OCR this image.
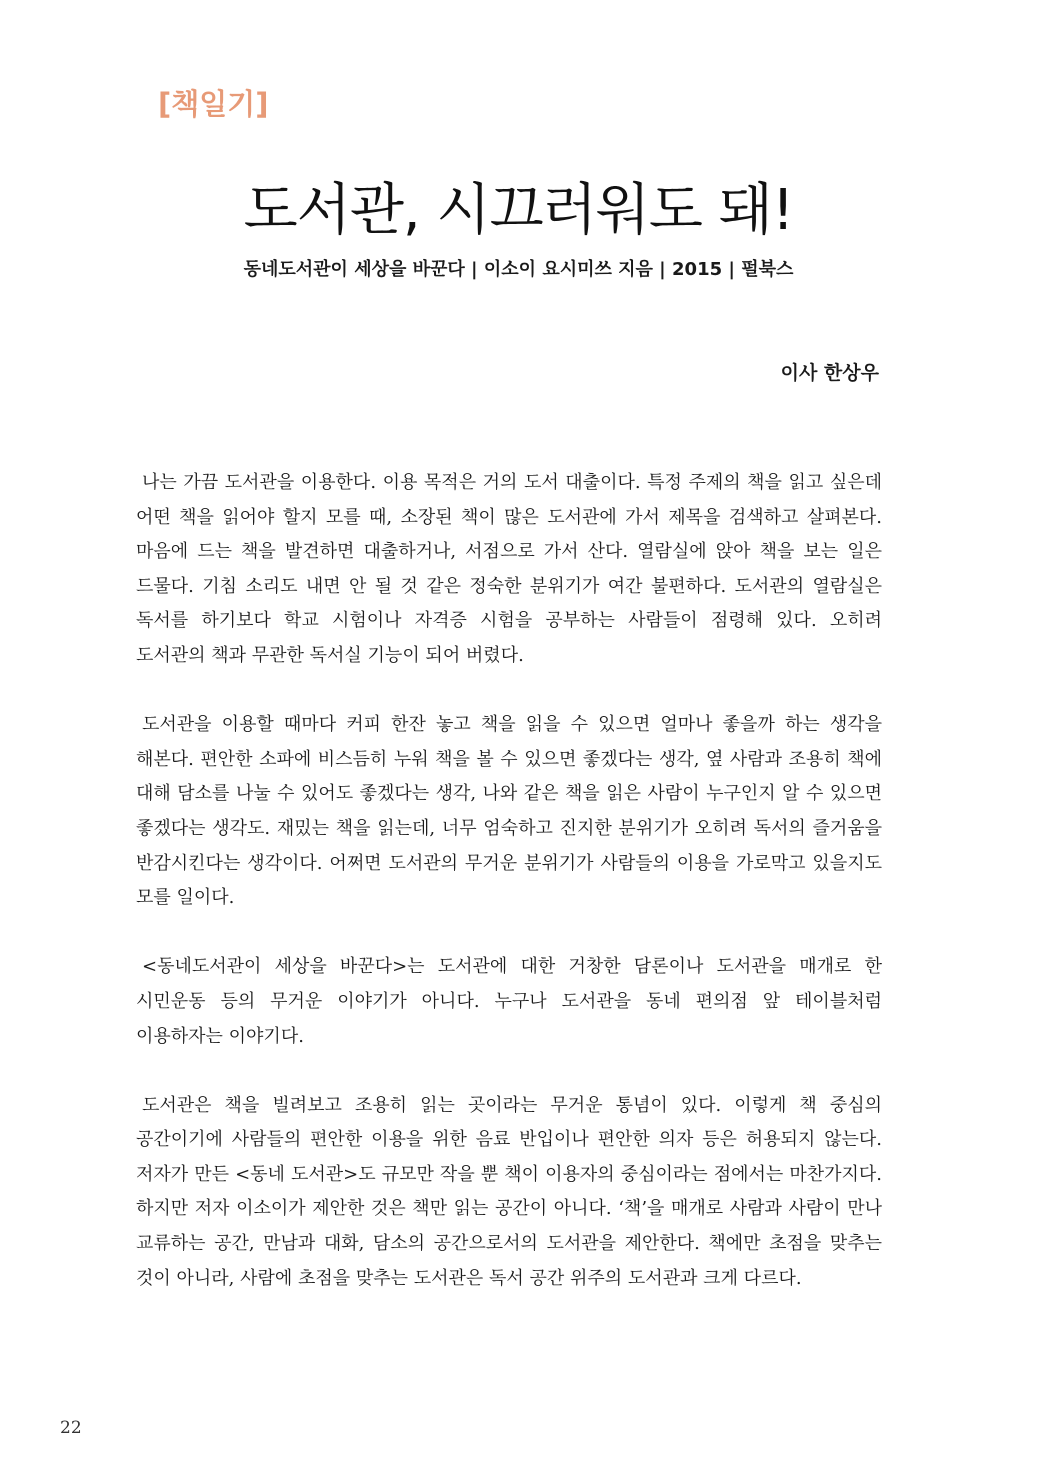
[책일기]

도서관, 시끄러워도 돼!

동네도서관이 세상을 바꾼다 | 이소이 요시미쓰 지음 | 2015 | 펄북스

이사 한상우

나는 가끔 도서관을 이용한다. 이용 목적은 거의 도서 대출이다. 특정 주제의 책을 읽고 싶은데 어떤 책을 읽어야 할지 모를 때, 소장된 책이 많은 도서관에 가서 제목을 검색하고 살펴본다. 마음에 드는 책을 발견하면 대출하거나, 서점으로 가서 산다. 열람실에 앉아 책을 보는 일은 드물다. 기침 소리도 내면 안 될 것 같은 정숙한 분위기가 여간 불편하다. 도서관의 열람실은 독서를 하기보다 학교 시험이나 자격증 시험을 공부하는 사람들이 점령해 있다. 오히려 도서관의 책과 무관한 독서실 기능이 되어 버렸다.

도서관을 이용할 때마다 커피 한잔 놓고 책을 읽을 수 있으면 얼마나 좋을까 하는 생각을 해본다. 편안한 소파에 비스듬히 누워 책을 볼 수 있으면 좋겠다는 생각, 옆 사람과 조용히 책에 대해 담소를 나눌 수 있어도 좋겠다는 생각, 나와 같은 책을 읽은 사람이 누구인지 알 수 있으면 좋겠다는 생각도. 재밌는 책을 읽는데, 너무 엄숙하고 진지한 분위기가 오히려 독서의 즐거움을 반감시킨다는 생각이다. 어쩌면 도서관의 무거운 분위기가 사람들의 이용을 가로막고 있을지도 모를 일이다.

<동네도서관이 세상을 바꾼다>는 도서관에 대한 거창한 담론이나 도서관을 매개로 한 시민운동 등의 무거운 이야기가 아니다. 누구나 도서관을 동네 편의점 앞 테이블처럼 이용하자는 이야기다.

도서관은 책을 빌려보고 조용히 읽는 곳이라는 무거운 통념이 있다. 이렇게 책 중심의 공간이기에 사람들의 편안한 이용을 위한 음료 반입이나 편안한 의자 등은 허용되지 않는다. 저자가 만든 <동네 도서관>도 규모만 작을 뿐 책이 이용자의 중심이라는 점에서는 마찬가지다. 하지만 저자 이소이가 제안한 것은 책만 읽는 공간이 아니다. ‘책’을 매개로 사람과 사람이 만나 교류하는 공간, 만남과 대화, 담소의 공간으로서의 도서관을 제안한다. 책에만 초점을 맞추는 것이 아니라, 사람에 초점을 맞추는 도서관은 독서 공간 위주의 도서관과 크게 다르다.

22
